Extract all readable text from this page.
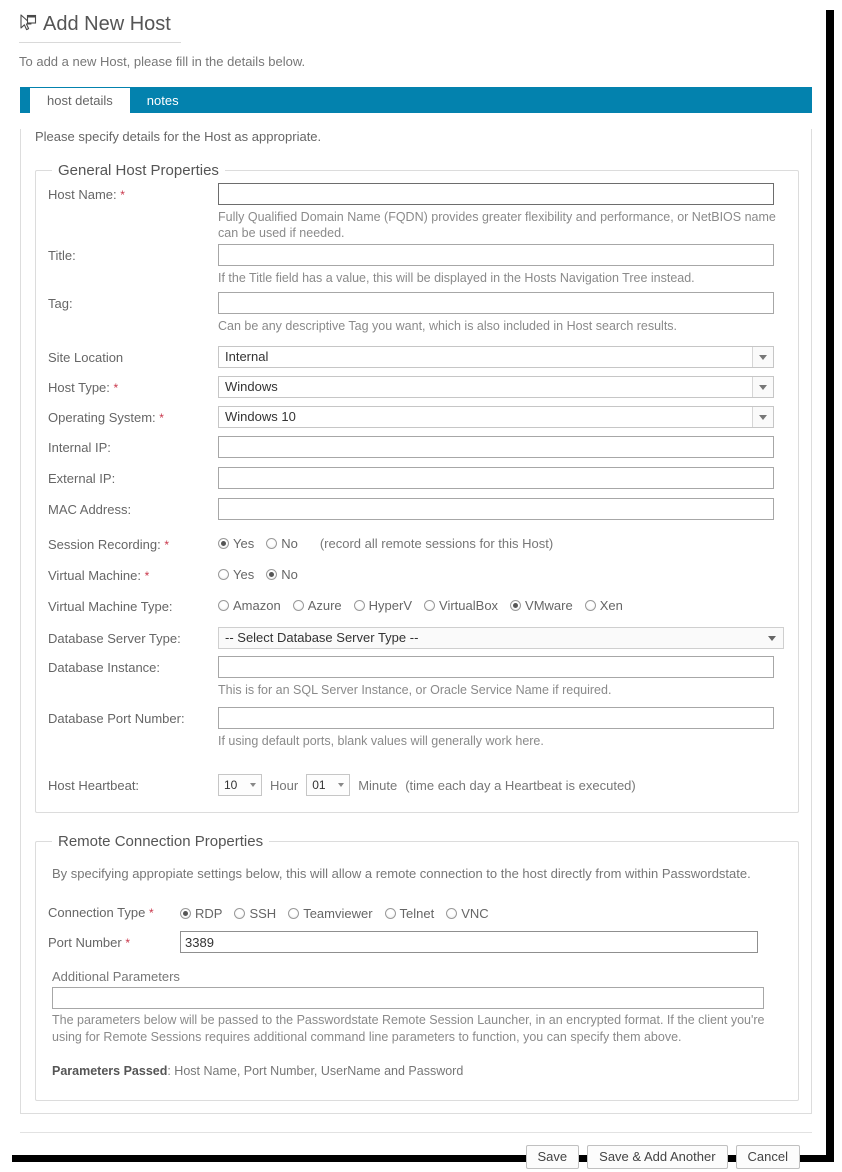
Add New Host
To add a new Host, please fill in the details below.
host details	notes
Please specify details for the Host as appropriate.
General Host Properties
Host Name: *
Fully Qualified Domain Name (FQDN) provides greater flexibility and performance, or NetBIOS name can be used if needed.
Title:
If the Title field has a value, this will be displayed in the Hosts Navigation Tree instead.
Tag:
Can be any descriptive Tag you want, which is also included in Host search results.
Site Location	Internal
Host Type: *	Windows
Operating System: *	Windows 10
Internal IP:
External IP:
MAC Address:
Session Recording: *	Yes No (record all remote sessions for this Host)
Virtual Machine: *	Yes No
Virtual Machine Type:	Amazon Azure HyperV VirtualBox VMware Xen
Database Server Type:	-- Select Database Server Type --
Database Instance:
This is for an SQL Server Instance, or Oracle Service Name if required.
Database Port Number:
If using default ports, blank values will generally work here.
Host Heartbeat:	10	Hour	01	Minute (time each day a Heartbeat is executed)
Remote Connection Properties
By specifying appropiate settings below, this will allow a remote connection to the host directly from within Passwordstate.
Connection Type *	RDP SSH Teamviewer Telnet VNC
Port Number *
3389
Additional Parameters
The parameters below will be passed to the Passwordstate Remote Session Launcher, in an encrypted format. If the client you're using for Remote Sessions requires additional command line parameters to function, you can specify them above.
Parameters Passed: Host Name, Port Number, UserName and Password
Save	Save & Add Another	Cancel
